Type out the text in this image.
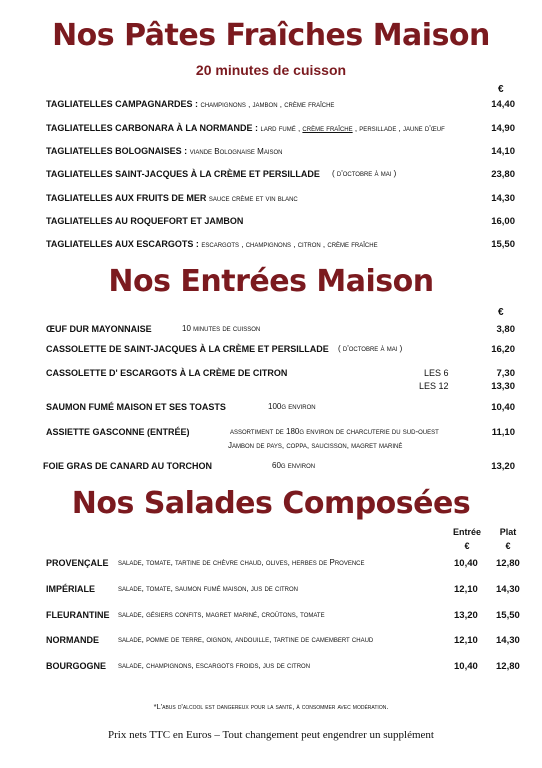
Nos Pâtes Fraîches Maison
20 minutes de cuisson
€
TAGLIATELLES CAMPAGNARDES : champignons , jambon , crème fraîche	14,40
TAGLIATELLES CARBONARA À LA NORMANDE : lard fumé , crème fraîche , persillade , jaune d'œuf	14,90
TAGLIATELLES BOLOGNAISES : viande Bolognaise Maison	14,10
TAGLIATELLES SAINT-JACQUES À LA CRÈME ET PERSILLADE ( d'octobre à mai )	23,80
TAGLIATELLES AUX FRUITS DE MER sauce crème et vin blanc	14,30
TAGLIATELLES AU ROQUEFORT ET JAMBON	16,00
TAGLIATELLES AUX ESCARGOTS : escargots , champignons , citron , crème fraîche	15,50
Nos Entrées Maison
€
ŒUF DUR MAYONNAISE	10 minutes de cuisson	3,80
CASSOLETTE DE SAINT-JACQUES À LA CRÈME ET PERSILLADE ( d'octobre à mai )	16,20
CASSOLETTE D' ESCARGOTS À LA CRÈME DE CITRON	LES 6	7,30
LES 12	13,30
SAUMON FUMÉ MAISON ET SES TOASTS	100g environ	10,40
ASSIETTE GASCONNE (ENTRÉE)	assortiment de 180g environ de charcuterie du sud-ouest	11,10
Jambon de pays, coppa, saucisson, magret mariné
FOIE GRAS DE CANARD AU TORCHON	60g environ	13,20
Nos Salades Composées
Entrée	Plat
€	€
PROVENÇALE salade, tomate, tartine de chèvre chaud, olives, herbes de Provence	10,40 12,80
IMPÉRIALE	salade, tomate, saumon fumé maison, jus de citron	12,10 14,30
FLEURANTINE salade, gésiers confits, magret mariné, croûtons, tomate	13,20 15,50
NORMANDE salade, pomme de terre, oignon, andouille, tartine de camembert chaud	12,10 14,30
BOURGOGNE salade, champignons, escargots froids, jus de citron	10,40 12,80
*L'abus d'alcool est dangereux pour la santé, à consommer avec modération.
Prix nets TTC en Euros – Tout changement peut engendrer un supplément
